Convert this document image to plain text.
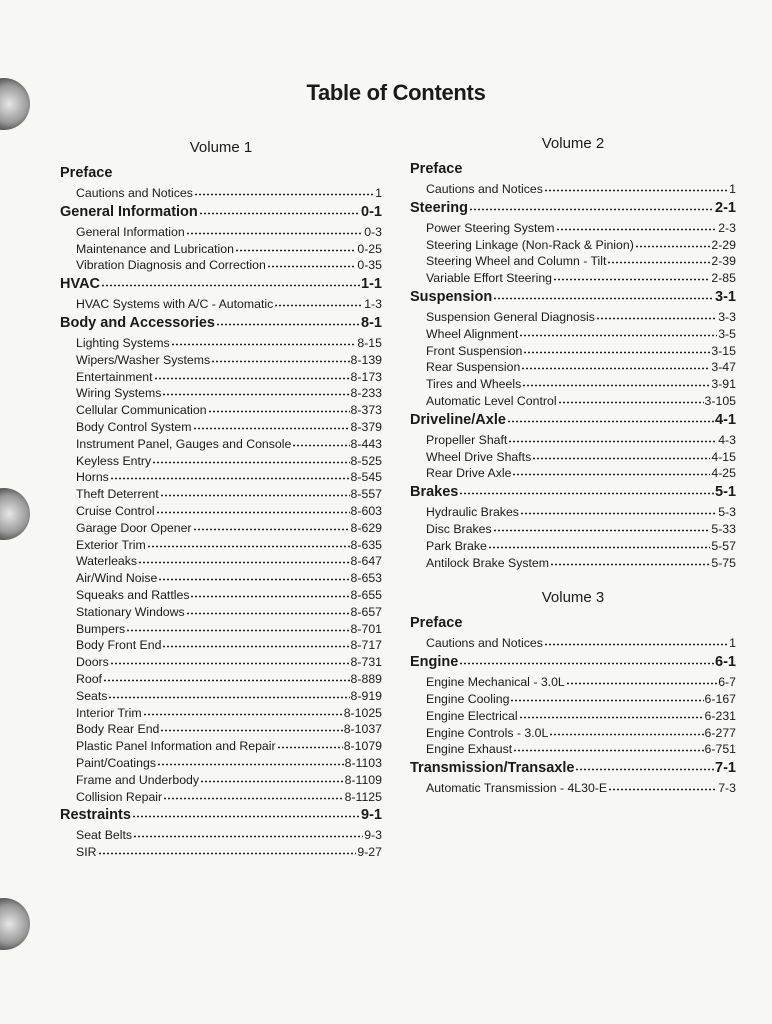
Table of Contents
Volume 1
Preface
Cautions and Notices	1
General Information	0-1
General Information	0-3
Maintenance and Lubrication	0-25
Vibration Diagnosis and Correction	0-35
HVAC	1-1
HVAC Systems with A/C - Automatic	1-3
Body and Accessories	8-1
Lighting Systems	8-15
Wipers/Washer Systems	8-139
Entertainment	8-173
Wiring Systems	8-233
Cellular Communication	8-373
Body Control System	8-379
Instrument Panel, Gauges and Console	8-443
Keyless Entry	8-525
Horns	8-545
Theft Deterrent	8-557
Cruise Control	8-603
Garage Door Opener	8-629
Exterior Trim	8-635
Waterleaks	8-647
Air/Wind Noise	8-653
Squeaks and Rattles	8-655
Stationary Windows	8-657
Bumpers	8-701
Body Front End	8-717
Doors	8-731
Roof	8-889
Seats	8-919
Interior Trim	8-1025
Body Rear End	8-1037
Plastic Panel Information and Repair	8-1079
Paint/Coatings	8-1103
Frame and Underbody	8-1109
Collision Repair	8-1125
Restraints	9-1
Seat Belts	9-3
SIR	9-27
Volume 2
Preface
Cautions and Notices	1
Steering	2-1
Power Steering System	2-3
Steering Linkage (Non-Rack & Pinion)	2-29
Steering Wheel and Column - Tilt	2-39
Variable Effort Steering	2-85
Suspension	3-1
Suspension General Diagnosis	3-3
Wheel Alignment	3-5
Front Suspension	3-15
Rear Suspension	3-47
Tires and Wheels	3-91
Automatic Level Control	3-105
Driveline/Axle	4-1
Propeller Shaft	4-3
Wheel Drive Shafts	4-15
Rear Drive Axle	4-25
Brakes	5-1
Hydraulic Brakes	5-3
Disc Brakes	5-33
Park Brake	5-57
Antilock Brake System	5-75
Volume 3
Preface
Cautions and Notices	1
Engine	6-1
Engine Mechanical - 3.0L	6-7
Engine Cooling	6-167
Engine Electrical	6-231
Engine Controls - 3.0L	6-277
Engine Exhaust	6-751
Transmission/Transaxle	7-1
Automatic Transmission - 4L30-E	7-3
